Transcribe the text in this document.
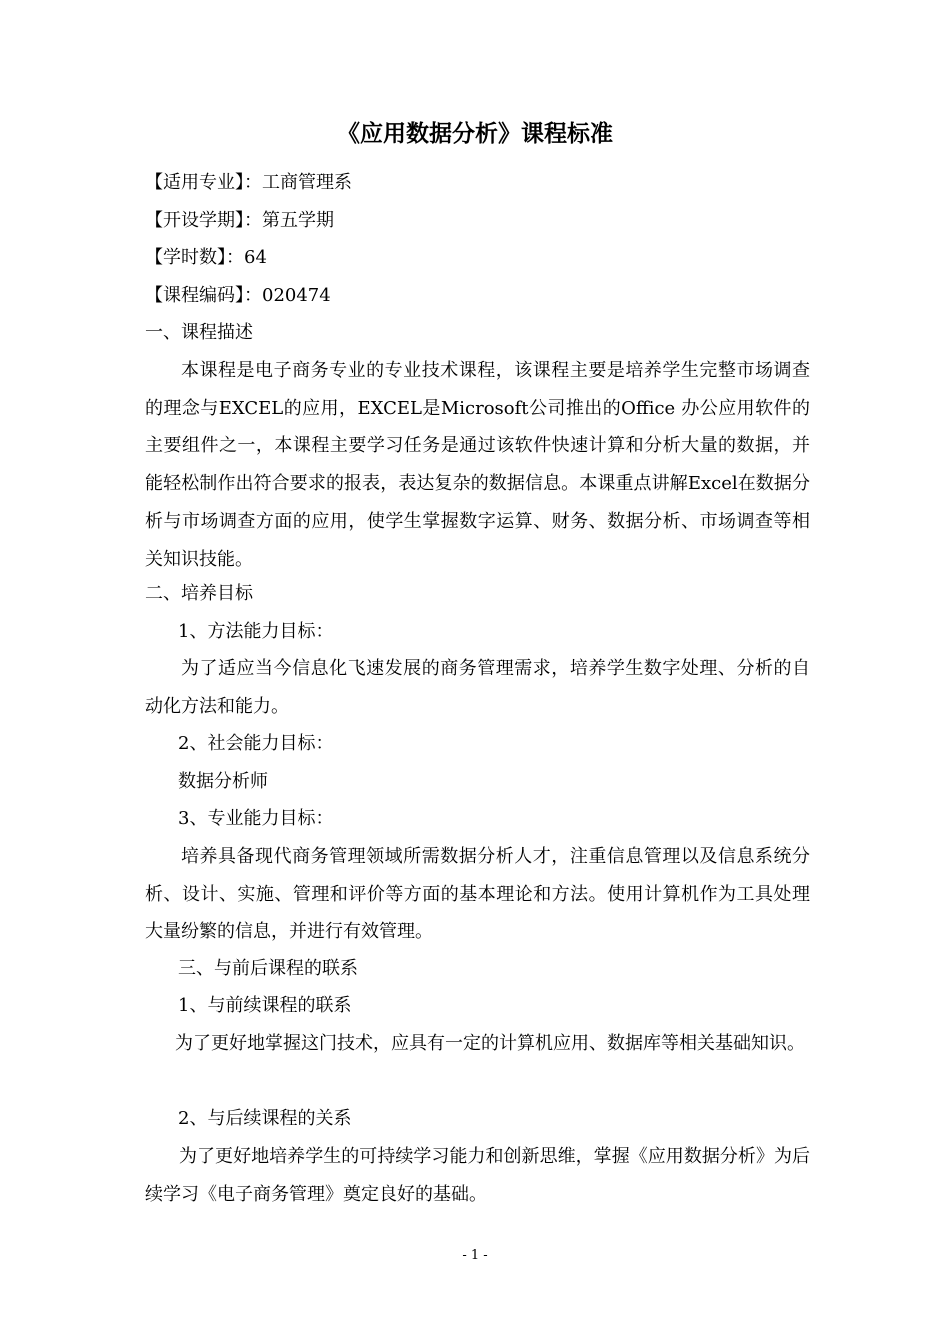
《应用数据分析》课程标准
【适用专业】：工商管理系
【开设学期】：第五学期
【学时数】：64
【课程编码】：020474
一、课程描述
本课程是电子商务专业的专业技术课程，该课程主要是培养学生完整市场调查的理念与EXCEL的应用，EXCEL是Microsoft公司推出的Office 办公应用软件的主要组件之一，本课程主要学习任务是通过该软件快速计算和分析大量的数据，并能轻松制作出符合要求的报表，表达复杂的数据信息。本课重点讲解Excel在数据分析与市场调查方面的应用，使学生掌握数字运算、财务、数据分析、市场调查等相关知识技能。
二、培养目标
1、方法能力目标：
为了适应当今信息化飞速发展的商务管理需求，培养学生数字处理、分析的自动化方法和能力。
2、社会能力目标：
数据分析师
3、专业能力目标：
培养具备现代商务管理领域所需数据分析人才，注重信息管理以及信息系统分析、设计、实施、管理和评价等方面的基本理论和方法。使用计算机作为工具处理大量纷繁的信息，并进行有效管理。
三、与前后课程的联系
1、与前续课程的联系
为了更好地掌握这门技术，应具有一定的计算机应用、数据库等相关基础知识。
2、与后续课程的关系
为了更好地培养学生的可持续学习能力和创新思维，掌握《应用数据分析》为后续学习《电子商务管理》奠定良好的基础。
- 1 -
